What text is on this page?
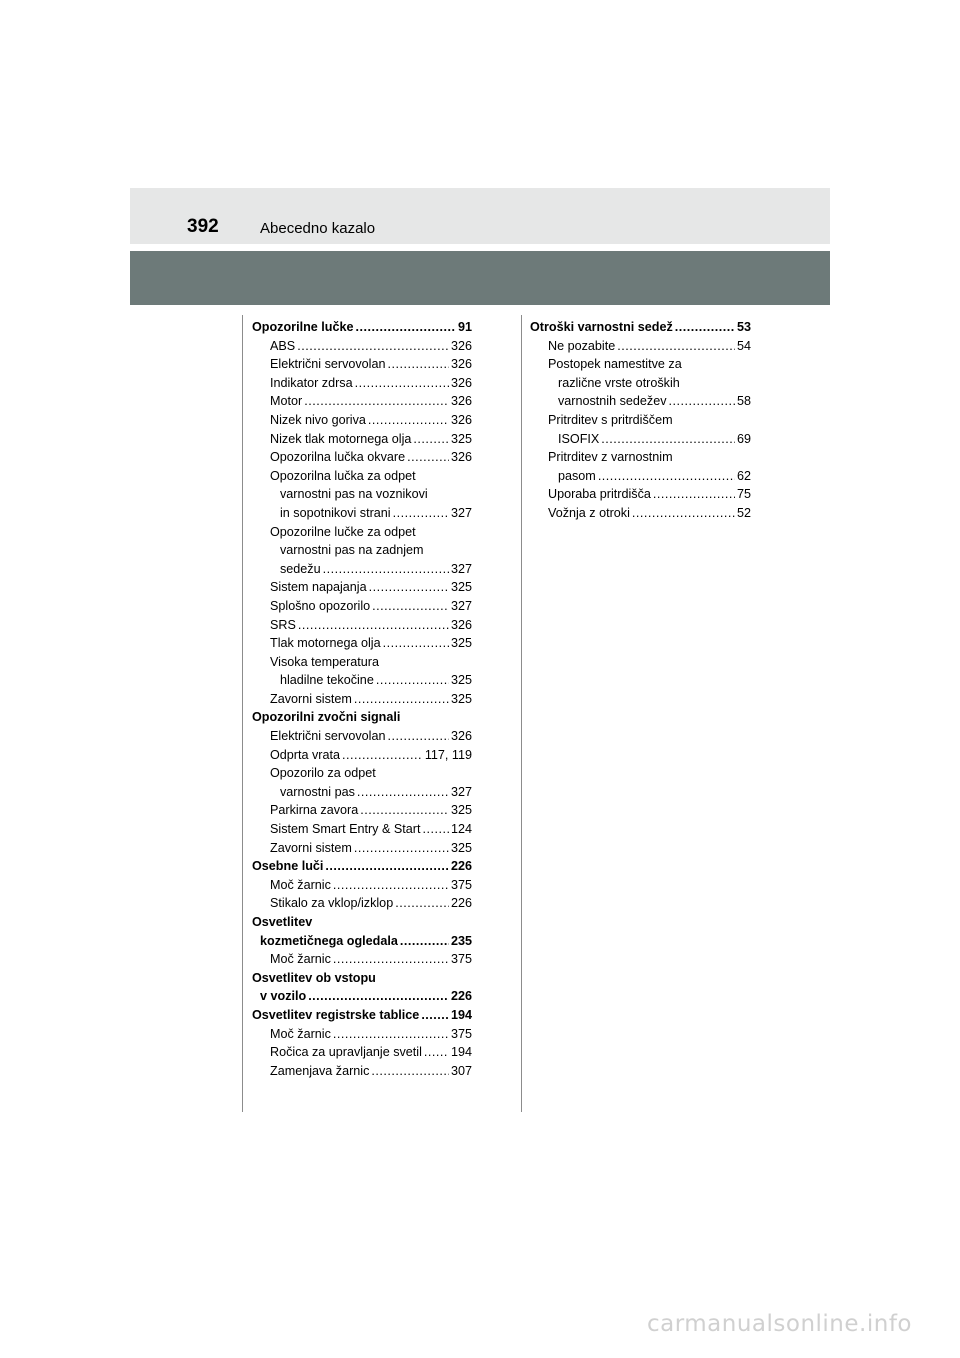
392	Abecedno kazalo
Opozorilne lučke .....	91
ABS .....	326
Električni servovolan .....	326
Indikator zdrsa .....	326
Motor .....	326
Nizek nivo goriva .....	326
Nizek tlak motornega olja .....	325
Opozorilna lučka okvare .....	326
Opozorilna lučka za odpet
varnostni pas na voznikovi
in sopotnikovi strani .....	327
Opozorilne lučke za odpet
varnostni pas na zadnjem
sedežu .....	327
Sistem napajanja .....	325
Splošno opozorilo .....	327
SRS .....	326
Tlak motornega olja .....	325
Visoka temperatura
hladilne tekočine .....	325
Zavorni sistem .....	325
Opozorilni zvočni signali
Električni servovolan .....	326
Odprta vrata .....	117, 119
Opozorilo za odpet
varnostni pas .....	327
Parkirna zavora .....	325
Sistem Smart Entry & Start ..... 124
Zavorni sistem .....	325
Osebne luči .....	226
Moč žarnic .....	375
Stikalo za vklop/izklop .....	226
Osvetlitev
kozmetičnega ogledala .....	235
Moč žarnic .....	375
Osvetlitev ob vstopu
v vozilo .....	226
Osvetlitev registrske tablice .....	194
Moč žarnic .....	375
Ročica za upravljanje svetil ..... 194
Zamenjava žarnic .....	307
Otroški varnostni sedež .....	53
Ne pozabite .....	54
Postopek namestitve za
različne vrste otroških
varnostnih sedežev .....	58
Pritrditev s pritrdiščem
ISOFIX .....	69
Pritrditev z varnostnim
pasom .....	62
Uporaba pritrdišča .....	75
Vožnja z otroki .....	52
carmanualsonline.info
